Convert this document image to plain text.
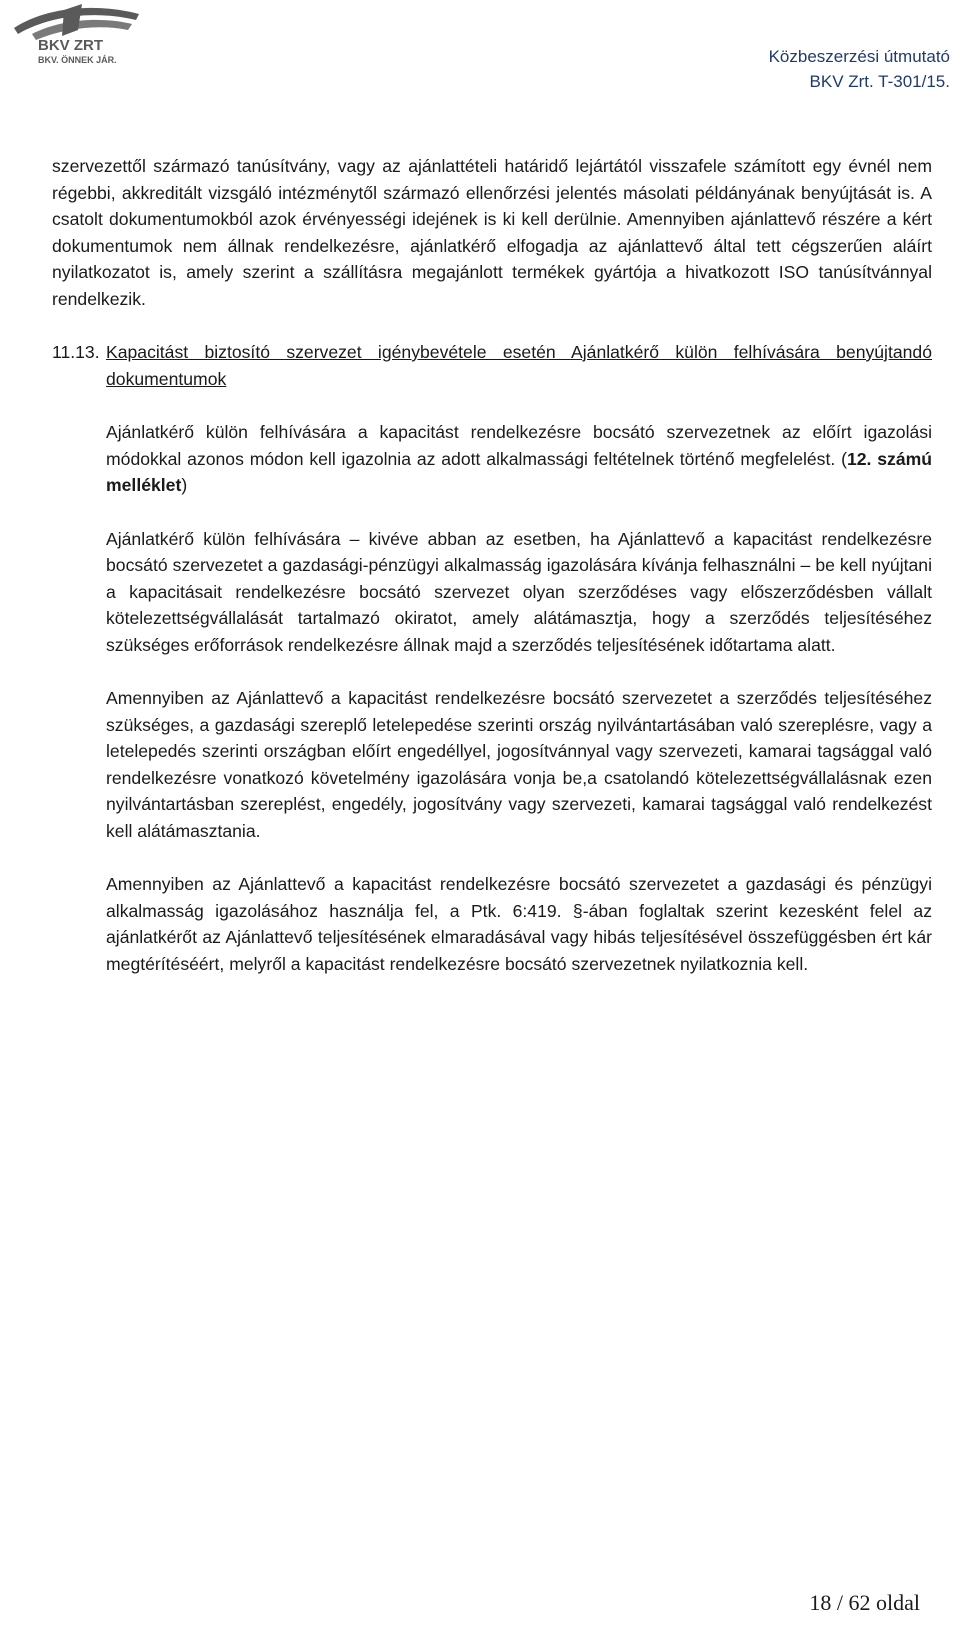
BKV ZRT
BKV. ÖNNEK JÁR.	Közbeszerzési útmutató
BKV Zrt. T-301/15.

szervezettől származó tanúsítvány, vagy az ajánlattételi határidő lejártától visszafele számított egy évnél nem régebbi, akkreditált vizsgáló intézménytől származó ellenőrzési jelentés másolati példányának benyújtását is. A csatolt dokumentumokból azok érvényességi idejének is ki kell derülnie. Amennyiben ajánlattevő részére a kért dokumentumok nem állnak rendelkezésre, ajánlatkérő elfogadja az ajánlattevő által tett cégszerűen aláírt nyilatkozatot is, amely szerint a szállításra megajánlott termékek gyártója a hivatkozott ISO tanúsítvánnyal rendelkezik.

11.13. Kapacitást biztosító szervezet igénybevétele esetén Ajánlatkérő külön felhívására benyújtandó dokumentumok

Ajánlatkérő külön felhívására a kapacitást rendelkezésre bocsátó szervezetnek az előírt igazolási módokkal azonos módon kell igazolnia az adott alkalmassági feltételnek történő megfelelést. (12. számú melléklet)

Ajánlatkérő külön felhívására – kivéve abban az esetben, ha Ajánlattevő a kapacitást rendelkezésre bocsátó szervezetet a gazdasági-pénzügyi alkalmasság igazolására kívánja felhasználni – be kell nyújtani a kapacitásait rendelkezésre bocsátó szervezet olyan szerződéses vagy előszerződésben vállalt kötelezettségvállalását tartalmazó okiratot, amely alátámasztja, hogy a szerződés teljesítéséhez szükséges erőforrások rendelkezésre állnak majd a szerződés teljesítésének időtartama alatt.

Amennyiben az Ajánlattevő a kapacitást rendelkezésre bocsátó szervezetet a szerződés teljesítéséhez szükséges, a gazdasági szereplő letelepedése szerinti ország nyilvántartásában való szereplésre, vagy a letelepedés szerinti országban előírt engedéllyel, jogosítvánnyal vagy szervezeti, kamarai tagsággal való rendelkezésre vonatkozó követelmény igazolására vonja be,a csatolandó kötelezettségvállalásnak ezen nyilvántartásban szereplést, engedély, jogosítvány vagy szervezeti, kamarai tagsággal való rendelkezést kell alátámasztania.

Amennyiben az Ajánlattevő a kapacitást rendelkezésre bocsátó szervezetet a gazdasági és pénzügyi alkalmasság igazolásához használja fel, a Ptk. 6:419. §-ában foglaltak szerint kezesként felel az ajánlatkérőt az Ajánlattevő teljesítésének elmaradásával vagy hibás teljesítésével összefüggésben ért kár megtérítéséért, melyről a kapacitást rendelkezésre bocsátó szervezetnek nyilatkoznia kell.

18 / 62 oldal
